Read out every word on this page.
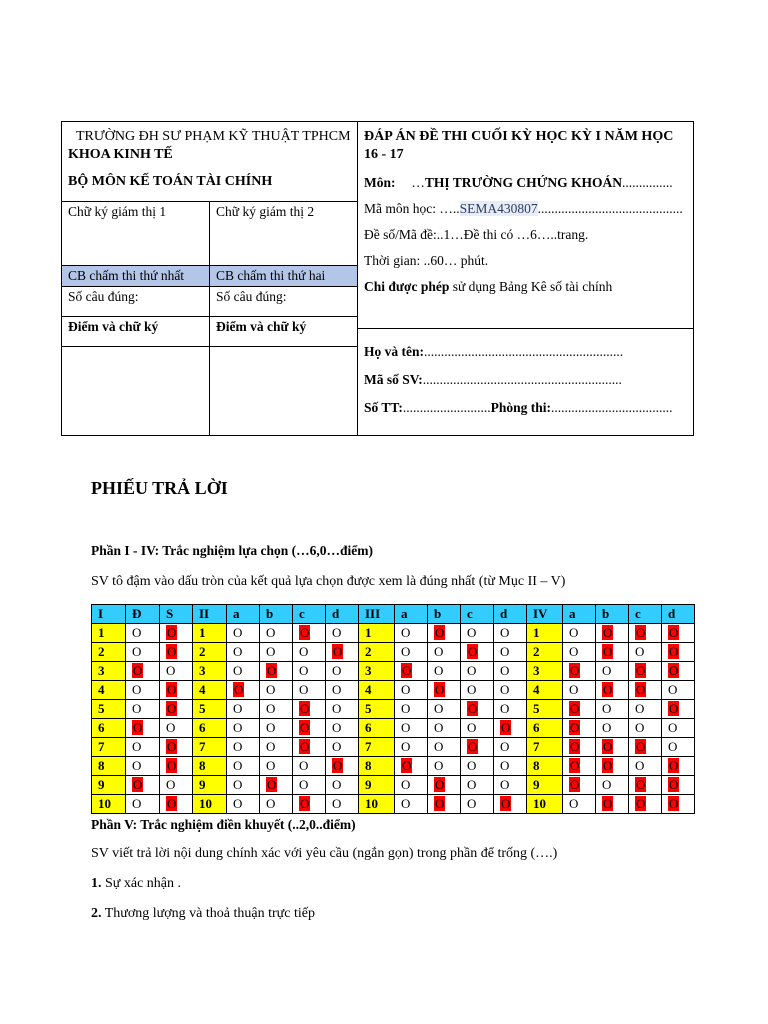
TRƯỜNG ĐH SƯ PHẠM KỸ THUẬT TPHCM
KHOA KINH TẾ
BỘ MÔN KẾ TOÁN TÀI CHÍNH
Chữ ký giám thị 1	Chữ ký giám thị 2
CB chấm thi thứ nhất	CB chấm thi thứ hai
Số câu đúng:	Số câu đúng:
Điểm và chữ ký	Điểm và chữ ký

ĐÁP ÁN ĐỀ THI CUỐI KỲ HỌC KỲ I NĂM HỌC 16 - 17
Môn: …THỊ TRƯỜNG CHỨNG KHOÁN...............
Mã môn học: …..SEMA430807...........................................
Đề số/Mã đề:..1…Đề thi có …6…..trang.
Thời gian: ..60… phút.
Chi được phép sử dụng Bảng Kê số tài chính
Họ và tên:...........................................................
Mã số SV:...........................................................
Số TT:..........................Phòng thi:....................................
PHIẾU TRẢ LỜI
Phần I - IV: Trắc nghiệm lựa chọn (…6,0…điểm)
SV tô đậm vào dấu tròn của kết quả lựa chọn được xem là đúng nhất (từ Mục II – V)
I	Đ	S	II	a	b	c	d	III	a	b	c	d	IV	a	b	c	d
1	O	O	1	O	O	O	O	1	O	O	O	O	1	O	O	O	O
2	O	O	2	O	O	O	O	2	O	O	O	O	2	O	O	O	O
3	O	O	3	O	O	O	O	3	O	O	O	O	3	O	O	O	O
4	O	O	4	O	O	O	O	4	O	O	O	O	4	O	O	O	O
5	O	O	5	O	O	O	O	5	O	O	O	O	5	O	O	O	O
6	O	O	6	O	O	O	O	6	O	O	O	O	6	O	O	O	O
7	O	O	7	O	O	O	O	7	O	O	O	O	7	O	O	O	O
8	O	O	8	O	O	O	O	8	O	O	O	O	8	O	O	O	O
9	O	O	9	O	O	O	O	9	O	O	O	O	9	O	O	O	O
10	O	O	10	O	O	O	O	10	O	O	O	O	10	O	O	O	O
Phần V: Trắc nghiệm điền khuyết (..2,0..điểm)
SV viết trả lời nội dung chính xác với yêu cầu (ngắn gọn) trong phần để trống (….)
1. Sự xác nhận .
2. Thương lượng và thoả thuận trực tiếp
